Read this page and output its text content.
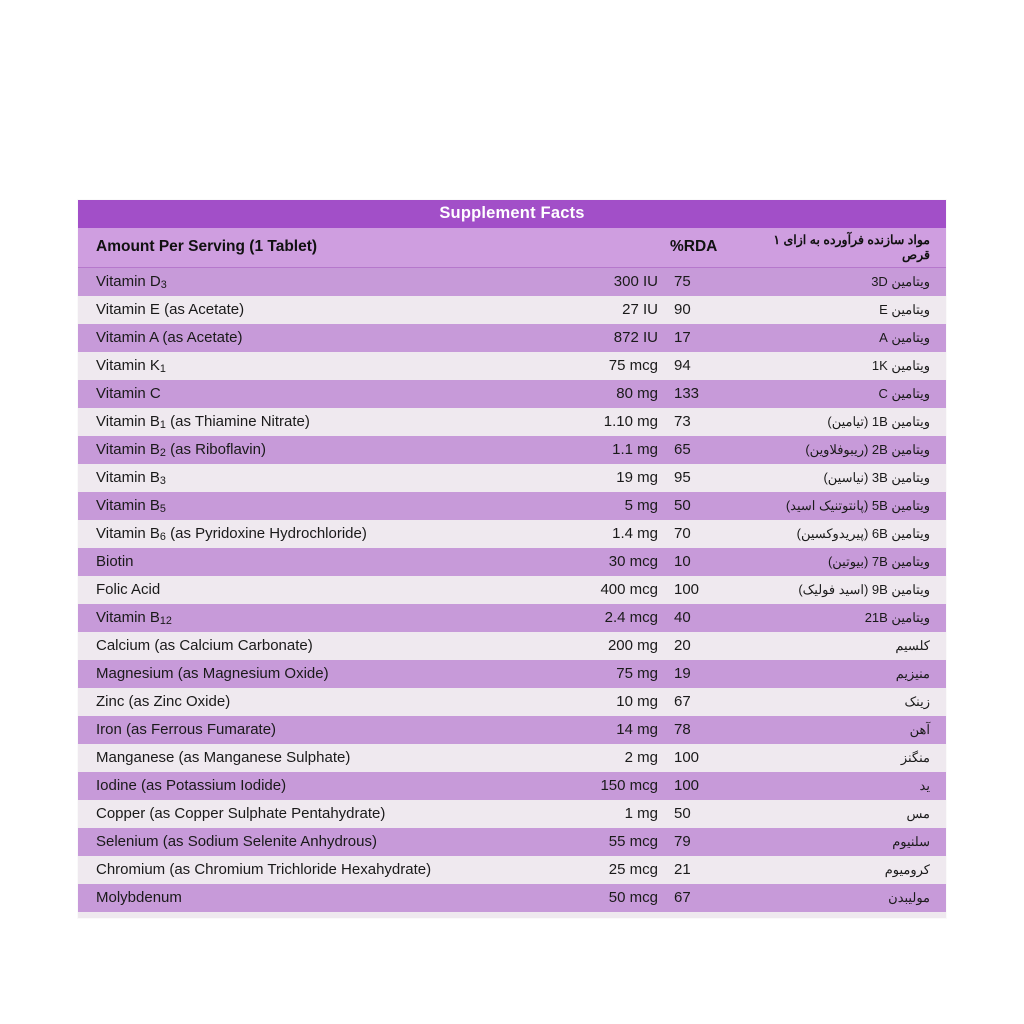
Supplement Facts
Amount Per Serving (1 Tablet)	%RDA	مواد سازنده فرآورده به ازای ۱ قرص
Vitamin $D_3$	300 IU	75	ویتامین D3
Vitamin E (as Acetate)	27 IU	90	ویتامین E
Vitamin A (as Acetate)	872 IU	17	ویتامین A
Vitamin $K_1$	75 mcg	94	ویتامین K1
Vitamin C	80 mg	133	ویتامین C
Vitamin $B_1$ (as Thiamine Nitrate)	1.10 mg	73	ویتامین B1 (تیامین)
Vitamin $B_2$ (as Riboflavin)	1.1 mg	65	ویتامین B2 (ریبوفلاوین)
Vitamin $B_3$	19 mg	95	ویتامین B3 (نیاسین)
Vitamin $B_5$	5 mg	50	ویتامین B5 (پانتوتنیک اسید)
Vitamin $B_6$ (as Pyridoxine Hydrochloride)	1.4 mg	70	ویتامین B6 (پیریدوکسین)
Biotin	30 mcg	10	ویتامین B7 (بیوتین)
Folic Acid	400 mcg	100	ویتامین B9 (اسید فولیک)
Vitamin $B_{12}$	2.4 mcg	40	ویتامین B12
Calcium (as Calcium Carbonate)	200 mg	20	کلسیم
Magnesium (as Magnesium Oxide)	75 mg	19	منیزیم
Zinc (as Zinc Oxide)	10 mg	67	زینک
Iron (as Ferrous Fumarate)	14 mg	78	آهن
Manganese (as Manganese Sulphate)	2 mg	100	منگنز
Iodine (as Potassium Iodide)	150 mcg	100	ید
Copper (as Copper Sulphate Pentahydrate)	1 mg	50	مس
Selenium (as Sodium Selenite Anhydrous)	55 mcg	79	سلنیوم
Chromium (as Chromium Trichloride Hexahydrate)	25 mcg	21	کرومیوم
Molybdenum	50 mcg	67	مولیبدن
